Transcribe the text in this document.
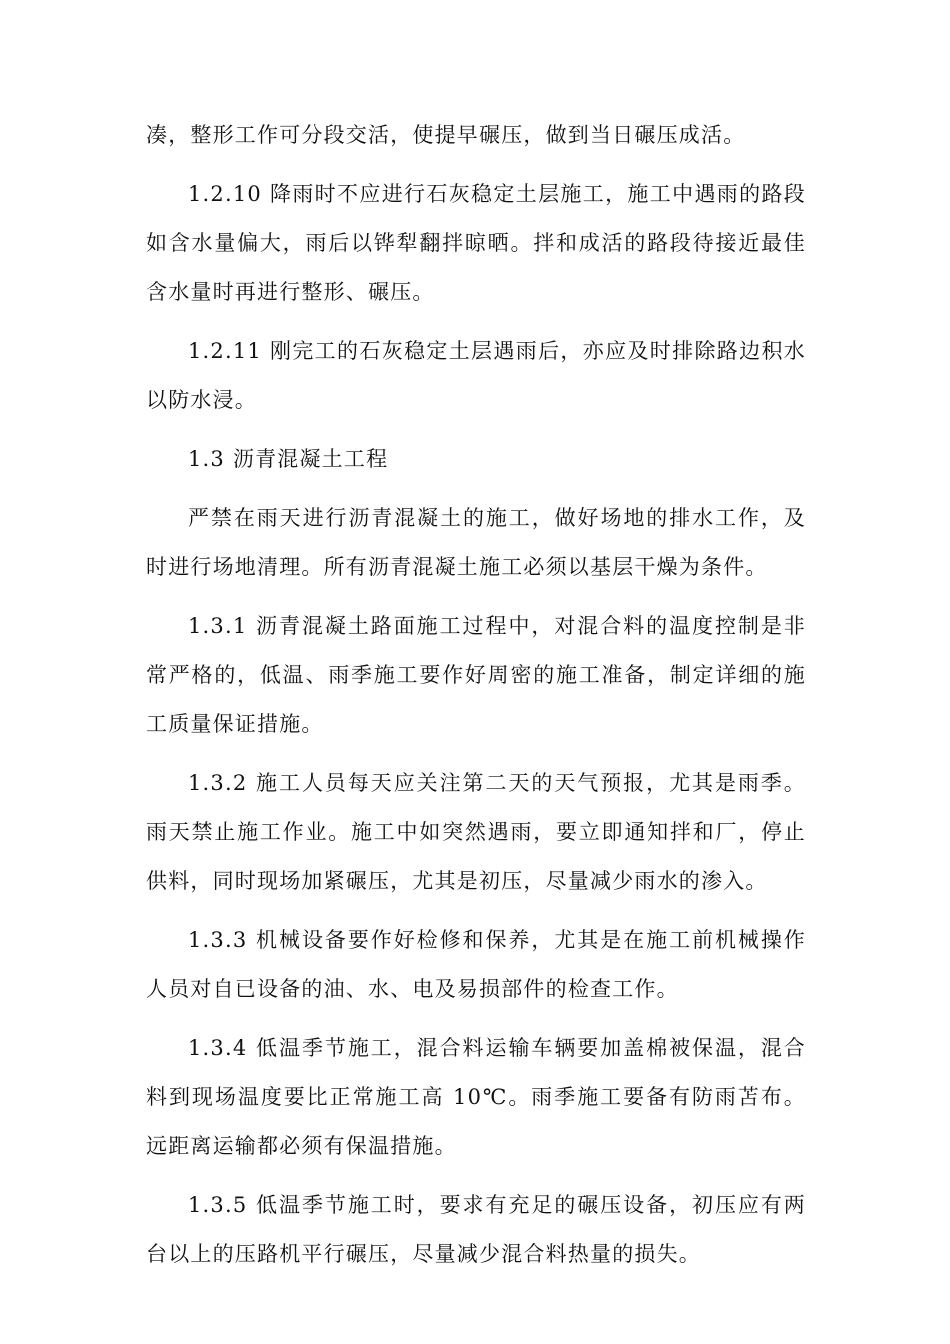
凑，整形工作可分段交活，使提早碾压，做到当日碾压成活。

1.2.10 降雨时不应进行石灰稳定土层施工，施工中遇雨的路段如含水量偏大，雨后以铧犁翻拌晾晒。拌和成活的路段待接近最佳含水量时再进行整形、碾压。

1.2.11 刚完工的石灰稳定土层遇雨后，亦应及时排除路边积水以防水浸。

1.3 沥青混凝土工程

严禁在雨天进行沥青混凝土的施工，做好场地的排水工作，及时进行场地清理。所有沥青混凝土施工必须以基层干燥为条件。

1.3.1 沥青混凝土路面施工过程中，对混合料的温度控制是非常严格的，低温、雨季施工要作好周密的施工准备，制定详细的施工质量保证措施。

1.3.2 施工人员每天应关注第二天的天气预报，尤其是雨季。雨天禁止施工作业。施工中如突然遇雨，要立即通知拌和厂，停止供料，同时现场加紧碾压，尤其是初压，尽量减少雨水的渗入。

1.3.3 机械设备要作好检修和保养，尤其是在施工前机械操作人员对自已设备的油、水、电及易损部件的检查工作。

1.3.4 低温季节施工，混合料运输车辆要加盖棉被保温，混合料到现场温度要比正常施工高 10℃。雨季施工要备有防雨苫布。远距离运输都必须有保温措施。

1.3.5 低温季节施工时，要求有充足的碾压设备，初压应有两台以上的压路机平行碾压，尽量减少混合料热量的损失。
